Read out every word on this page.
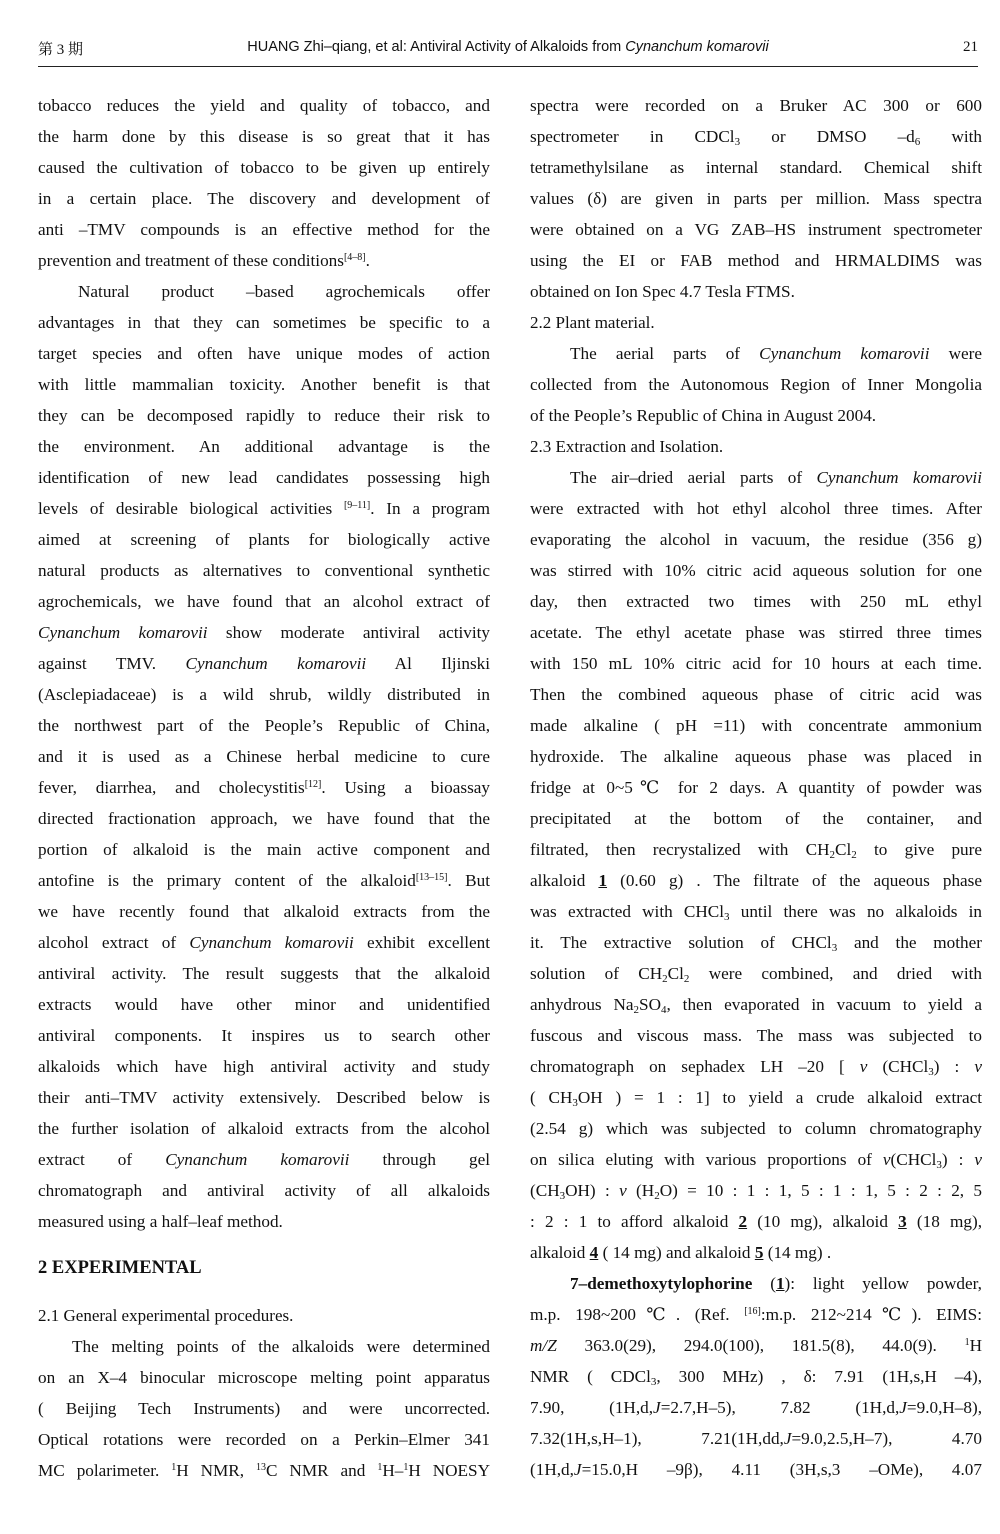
第 3 期	HUANG Zhi–qiang, et al: Antiviral Activity of Alkaloids from Cynanchum komarovii	21
tobacco reduces the yield and quality of tobacco, and
the harm done by this disease is so great that it has
caused the cultivation of tobacco to be given up entirely
in a certain place. The discovery and development of
anti –TMV compounds is an effective method for the
prevention and treatment of these conditions[4–8].
Natural product –based agrochemicals offer
advantages in that they can sometimes be specific to a
target species and often have unique modes of action
with little mammalian toxicity. Another benefit is that
they can be decomposed rapidly to reduce their risk to
the environment. An additional advantage is the
identification of new lead candidates possessing high
levels of desirable biological activities [9–11]. In a program
aimed at screening of plants for biologically active
natural products as alternatives to conventional synthetic
agrochemicals, we have found that an alcohol extract of
Cynanchum komarovii show moderate antiviral activity
against TMV. Cynanchum komarovii Al Iljinski
(Asclepiadaceae) is a wild shrub, wildly distributed in
the northwest part of the People’s Republic of China,
and it is used as a Chinese herbal medicine to cure
fever, diarrhea, and cholecystitis[12]. Using a bioassay
directed fractionation approach, we have found that the
portion of alkaloid is the main active component and
antofine is the primary content of the alkaloid[13–15]. But
we have recently found that alkaloid extracts from the
alcohol extract of Cynanchum komarovii exhibit excellent
antiviral activity. The result suggests that the alkaloid
extracts would have other minor and unidentified
antiviral components. It inspires us to search other
alkaloids which have high antiviral activity and study
their anti–TMV activity extensively. Described below is
the further isolation of alkaloid extracts from the alcohol
extract of Cynanchum komarovii through gel
chromatograph and antiviral activity of all alkaloids
measured using a half–leaf method.
2 EXPERIMENTAL
2.1 General experimental procedures.
The melting points of the alkaloids were determined
on an X–4 binocular microscope melting point apparatus
( Beijing Tech Instruments) and were uncorrected.
Optical rotations were recorded on a Perkin–Elmer 341
MC polarimeter. $^1$H NMR, $^{13}$C NMR and $^1$H–$^1$H NOESY
spectra were recorded on a Bruker AC 300 or 600
spectrometer in CDCl$_3$ or DMSO $-d_6$ with
tetramethylsilane as internal standard. Chemical shift
values (δ) are given in parts per million. Mass spectra
were obtained on a VG ZAB–HS instrument spectrometer
using the EI or FAB method and HRMALDIMS was
obtained on Ion Spec 4.7 Tesla FTMS.
2.2 Plant material.
The aerial parts of Cynanchum komarovii were
collected from the Autonomous Region of Inner Mongolia
of the People’s Republic of China in August 2004.
2.3 Extraction and Isolation.
The air–dried aerial parts of Cynanchum komarovii
were extracted with hot ethyl alcohol three times. After
evaporating the alcohol in vacuum, the residue (356 g)
was stirred with 10% citric acid aqueous solution for one
day, then extracted two times with 250 mL ethyl
acetate. The ethyl acetate phase was stirred three times
with 150 mL 10% citric acid for 10 hours at each time.
Then the combined aqueous phase of citric acid was
made alkaline ( pH =11) with concentrate ammonium
hydroxide. The alkaline aqueous phase was placed in
fridge at 0~5℃ for 2 days. A quantity of powder was
precipitated at the bottom of the container, and
filtrated, then recrystalized with $CH_2Cl_2$ to give pure
alkaloid 1 (0.60 g) . The filtrate of the aqueous phase
was extracted with CHCl$_3$ until there was no alkaloids in
it. The extractive solution of CHCl$_3$ and the mother
solution of $CH_2Cl_2$ were combined, and dried with
anhydrous $Na_2SO_4$, then evaporated in vacuum to yield a
fuscous and viscous mass. The mass was subjected to
chromatograph on sephadex LH –20 [ v (CHCl$_3$) : v
( $CH_3OH$ ) = 1 : 1] to yield a crude alkaloid extract
(2.54 g) which was subjected to column chromatography
on silica eluting with various proportions of v(CHCl$_3$) : v
$(CH_3OH)$ : v $(H_2O) = 10$ : 1 : 1, 5 : 1 : 1, 5 : 2 : 2, 5
: 2 : 1 to afford alkaloid 2 (10 mg), alkaloid 3 (18 mg),
alkaloid 4 ( 14 mg) and alkaloid 5 (14 mg) .
7–demethoxytylophorine (1): light yellow powder,
m.p. 198~200℃. (Ref. [16]:m.p. 212~214℃). EIMS:
m/Z 363.0(29), 294.0(100), 181.5(8), 44.0(9). $^1$H
NMR ( CDCl$_3$, 300 MHz) , δ: 7.91 (1H,s,H –4),
7.90, (1H,d,J=2.7,H–5), 7.82 (1H,d,J=9.0,H–8),
7.32(1H,s,H–1), 7.21(1H,dd,J=9.0,2.5,H–7), 4.70
(1H,d,J=15.0,H –9β), 4.11 (3H,s,3 –OMe), 4.07
